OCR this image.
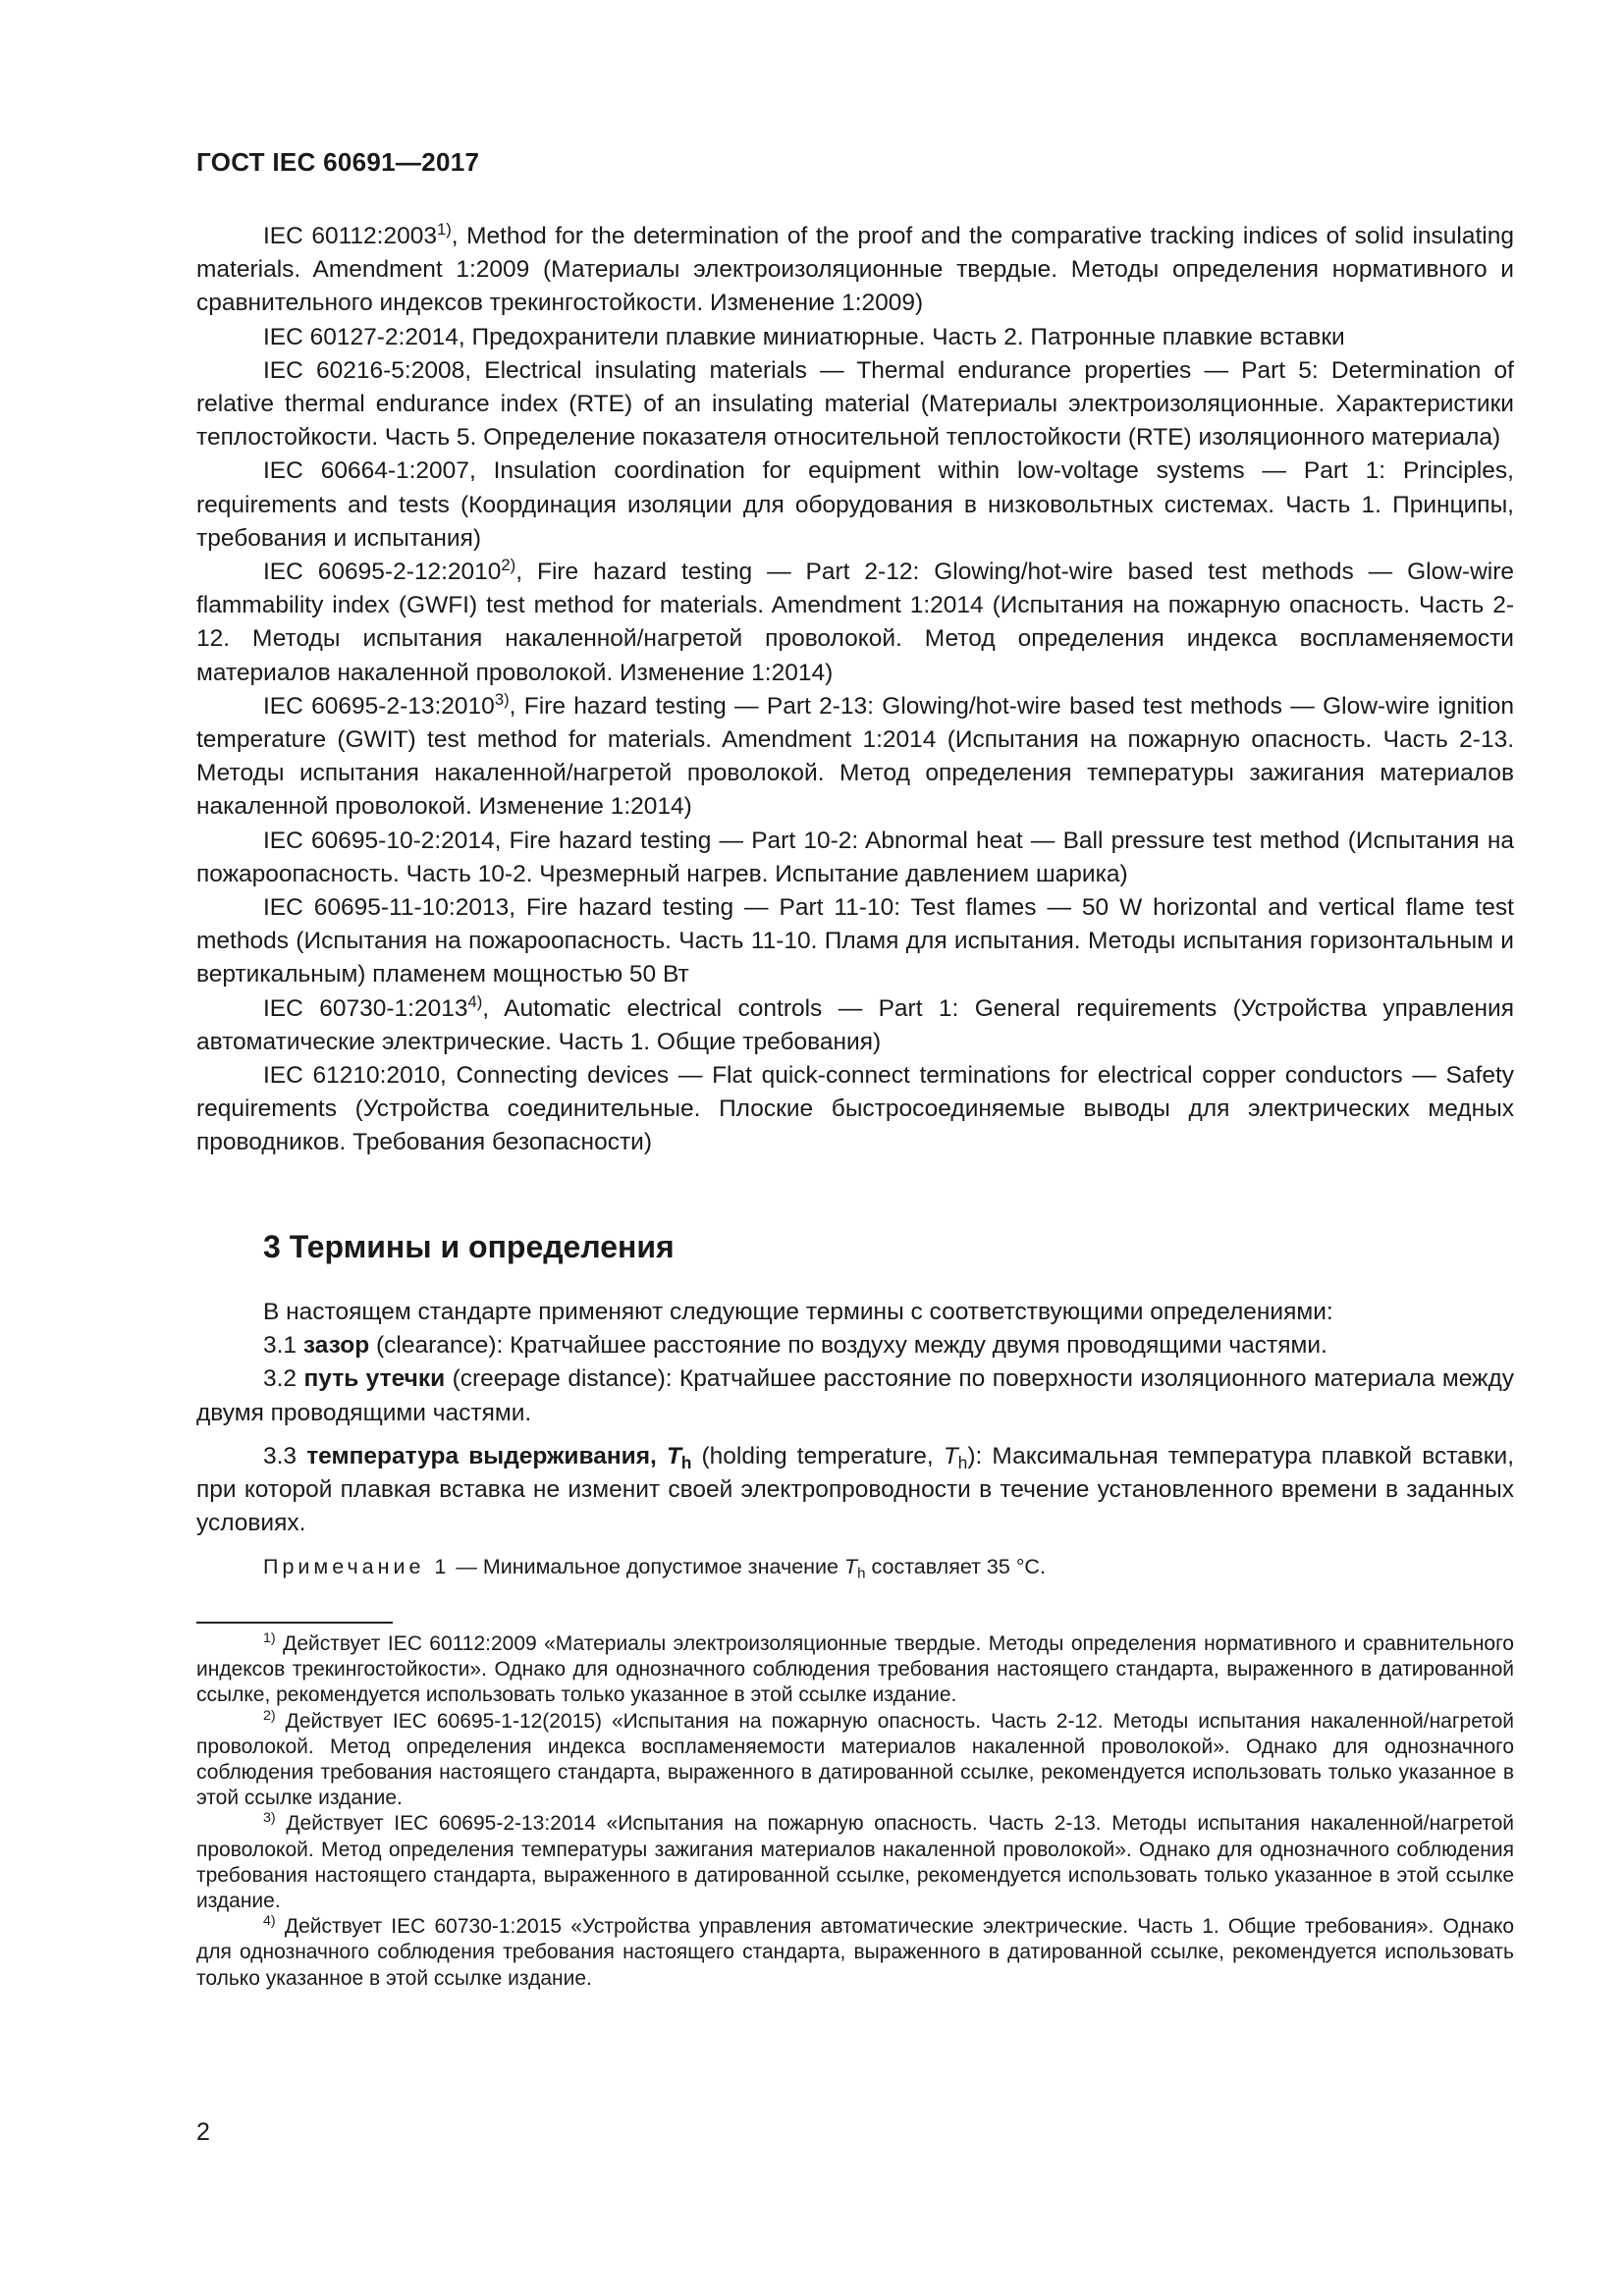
ГОСТ IEC 60691—2017

IEC 60112:2003$^{1)}$, Method for the determination of the proof and the comparative tracking indices of solid insulating materials. Amendment 1:2009 (Материалы электроизоляционные твердые. Методы определения нормативного и сравнительного индексов трекингостойкости. Изменение 1:2009)

IEC 60127-2:2014, Предохранители плавкие миниатюрные. Часть 2. Патронные плавкие вставки

IEC 60216-5:2008, Electrical insulating materials — Thermal endurance properties — Part 5: Determination of relative thermal endurance index (RTE) of an insulating material (Материалы электроизоляционные. Характеристики теплостойкости. Часть 5. Определение показателя относительной теплостойкости (RTE) изоляционного материала)

IEC 60664-1:2007, Insulation coordination for equipment within low-voltage systems — Part 1: Principles, requirements and tests (Координация изоляции для оборудования в низковольтных системах. Часть 1. Принципы, требования и испытания)

IEC 60695-2-12:2010$^{2)}$, Fire hazard testing — Part 2-12: Glowing/hot-wire based test methods — Glow-wire flammability index (GWFI) test method for materials. Amendment 1:2014 (Испытания на пожарную опасность. Часть 2-12. Методы испытания накаленной/нагретой проволокой. Метод определения индекса воспламеняемости материалов накаленной проволокой. Изменение 1:2014)

IEC 60695-2-13:2010$^{3)}$, Fire hazard testing — Part 2-13: Glowing/hot-wire based test methods — Glow-wire ignition temperature (GWIT) test method for materials. Amendment 1:2014 (Испытания на пожарную опасность. Часть 2-13. Методы испытания накаленной/нагретой проволокой. Метод определения температуры зажигания материалов накаленной проволокой. Изменение 1:2014)

IEC 60695-10-2:2014, Fire hazard testing — Part 10-2: Abnormal heat — Ball pressure test method (Испытания на пожароопасность. Часть 10-2. Чрезмерный нагрев. Испытание давлением шарика)

IEC 60695-11-10:2013, Fire hazard testing — Part 11-10: Test flames — 50 W horizontal and vertical flame test methods (Испытания на пожароопасность. Часть 11-10. Пламя для испытания. Методы испытания горизонтальным и вертикальным) пламенем мощностью 50 Вт

IEC 60730-1:2013$^{4)}$, Automatic electrical controls — Part 1: General requirements (Устройства управления автоматические электрические. Часть 1. Общие требования)

IEC 61210:2010, Connecting devices — Flat quick-connect terminations for electrical copper conductors — Safety requirements (Устройства соединительные. Плоские быстросоединяемые выводы для электрических медных проводников. Требования безопасности)

3 Термины и определения

В настоящем стандарте применяют следующие термины с соответствующими определениями:

3.1 зазор (clearance): Кратчайшее расстояние по воздуху между двумя проводящими частями.

3.2 путь утечки (creepage distance): Кратчайшее расстояние по поверхности изоляционного материала между двумя проводящими частями.

3.3 температура выдерживания, $T_h$ (holding temperature, $T_h$): Максимальная температура плавкой вставки, при которой плавкая вставка не изменит своей электропроводности в течение установленного времени в заданных условиях.

Примечание 1 — Минимальное допустимое значение $T_h$ составляет 35 °C.

$^{1)}$ Действует IEC 60112:2009 «Материалы электроизоляционные твердые. Методы определения нормативного и сравнительного индексов трекингостойкости». Однако для однозначного соблюдения требования настоящего стандарта, выраженного в датированной ссылке, рекомендуется использовать только указанное в этой ссылке издание.

$^{2)}$ Действует IEC 60695-1-12(2015) «Испытания на пожарную опасность. Часть 2-12. Методы испытания накаленной/нагретой проволокой. Метод определения индекса воспламеняемости материалов накаленной проволокой». Однако для однозначного соблюдения требования настоящего стандарта, выраженного в датированной ссылке, рекомендуется использовать только указанное в этой ссылке издание.

$^{3)}$ Действует IEC 60695-2-13:2014 «Испытания на пожарную опасность. Часть 2-13. Методы испытания накаленной/нагретой проволокой. Метод определения температуры зажигания материалов накаленной проволокой». Однако для однозначного соблюдения требования настоящего стандарта, выраженного в датированной ссылке, рекомендуется использовать только указанное в этой ссылке издание.

$^{4)}$ Действует IEC 60730-1:2015 «Устройства управления автоматические электрические. Часть 1. Общие требования». Однако для однозначного соблюдения требования настоящего стандарта, выраженного в датированной ссылке, рекомендуется использовать только указанное в этой ссылке издание.

2
